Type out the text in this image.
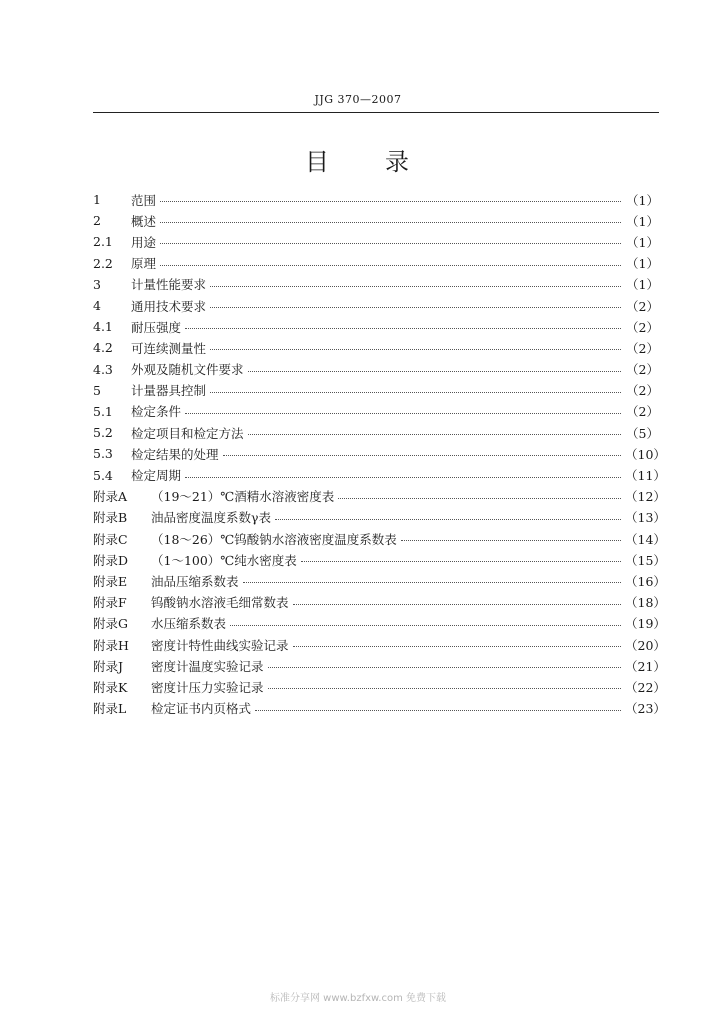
JJG 370—2007
目 录
1	范围	（1）
2	概述	（1）
2.1	用途	（1）
2.2	原理	（1）
3	计量性能要求	（1）
4	通用技术要求	（2）
4.1	耐压强度	（2）
4.2	可连续测量性	（2）
4.3	外观及随机文件要求	（2）
5	计量器具控制	（2）
5.1	检定条件	（2）
5.2	检定项目和检定方法	（5）
5.3	检定结果的处理	（10）
5.4	检定周期	（11）
附录A	（19～21）℃酒精水溶液密度表	（12）
附录B	油品密度温度系数γ表	（13）
附录C	（18～26）℃钨酸钠水溶液密度温度系数表	（14）
附录D	（1～100）℃纯水密度表	（15）
附录E	油品压缩系数表	（16）
附录F	钨酸钠水溶液毛细常数表	（18）
附录G	水压缩系数表	（19）
附录H	密度计特性曲线实验记录	（20）
附录J	密度计温度实验记录	（21）
附录K	密度计压力实验记录	（22）
附录L	检定证书内页格式	（23）
标准分享网 www.bzfxw.com 免费下载
